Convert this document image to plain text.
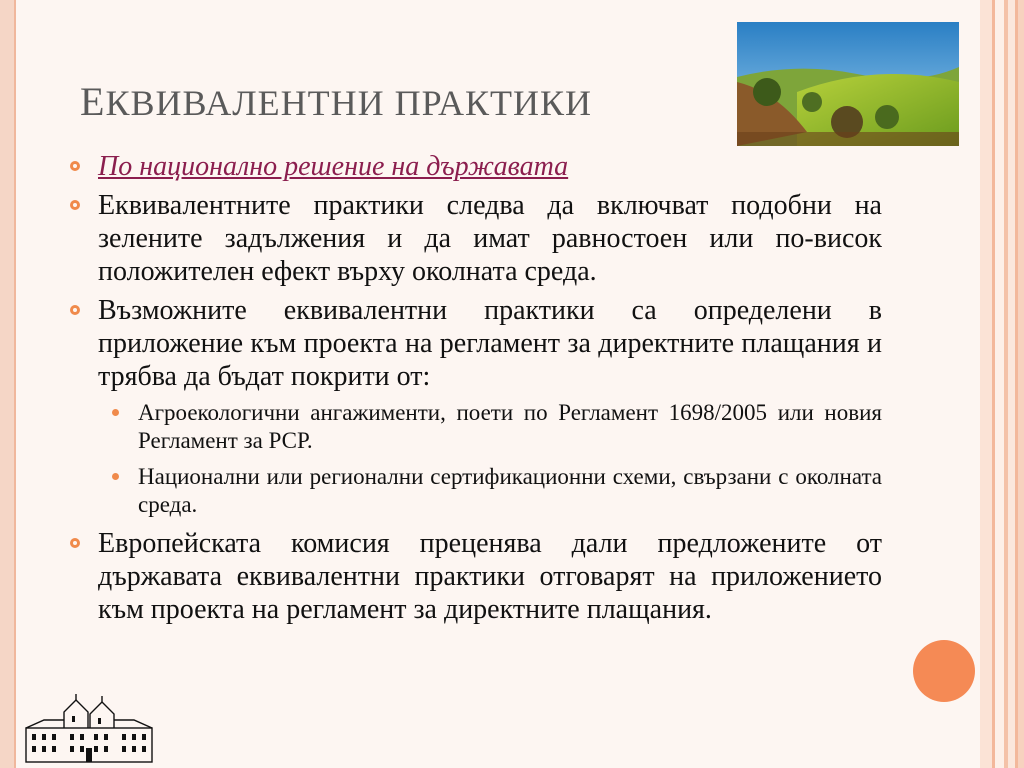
ЕКВИВАЛЕНТНИ ПРАКТИКИ
По национално решение на държавата
Еквивалентните практики следва да включват подобни на зелените задължения и да имат равностоен или по-висок положителен ефект върху околната среда.
Възможните еквивалентни практики са определени в приложение към проекта на регламент за директните плащания и трябва да бъдат покрити от:
Агроекологични ангажименти, поети по Регламент 1698/2005 или новия Регламент за РСР.
Национални или регионални сертификационни схеми, свързани с околната среда.
Европейската комисия преценява дали предложените от държавата еквивалентни практики отговарят на приложението към проекта на регламент за директните плащания.
